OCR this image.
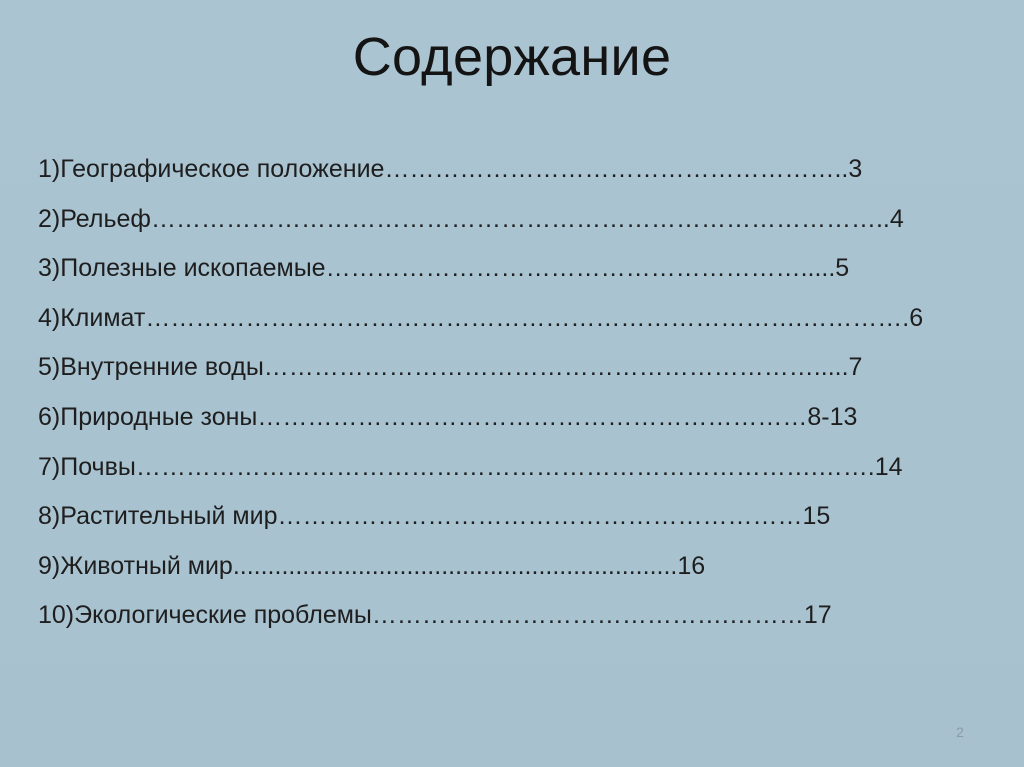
Содержание
1)Географическое положение………………………………………………..3
2)Рельеф……………………………………………………………………………..4
3)Полезные ископаемые………………………………………………….....5
4)Климат…………………………………………………………………….………….6
5)Внутренние воды………………………………………………………….....7
6)Природные зоны…………………………………………………………8-13
7)Почвы……………………………………………………………………….…….14
8)Растительный мир………………………………………………………15
9)Животный мир................................................................16
10)Экологические проблемы…………………………………….………17
2
